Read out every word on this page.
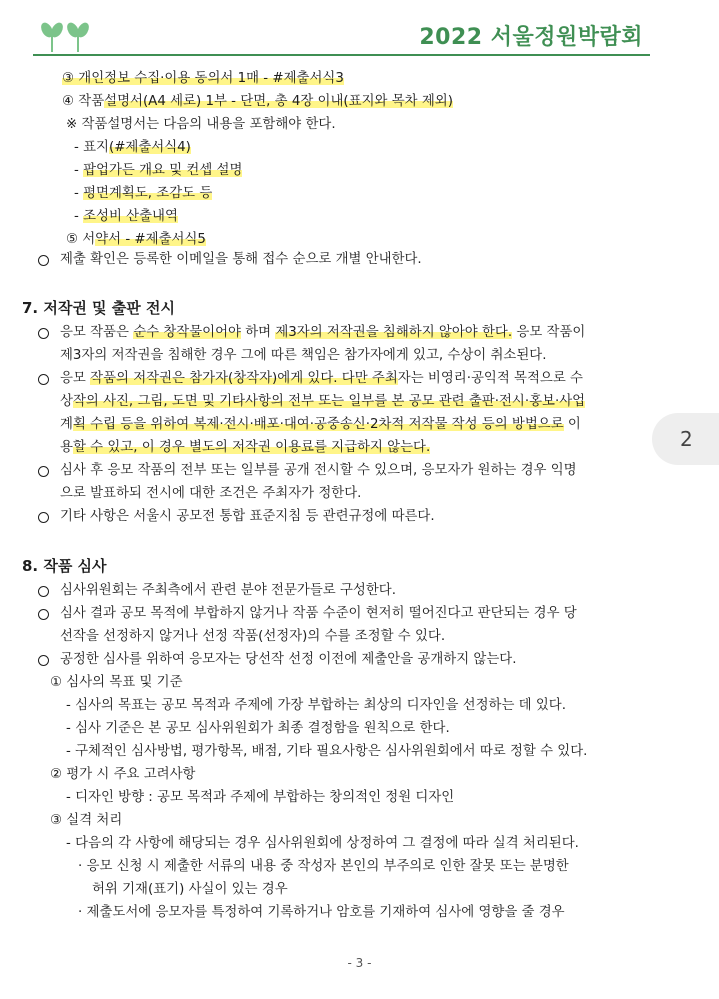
2022 서울정원박람회
③ 개인정보 수집·이용 동의서 1매 - #제출서식3
④ 작품설명서(A4 세로) 1부 - 단면, 총 4장 이내(표지와 목차 제외)
※ 작품설명서는 다음의 내용을 포함해야 한다.
- 표지(#제출서식4)
- 팝업가든 개요 및 컨셉 설명
- 평면계획도, 조감도 등
- 조성비 산출내역
⑤ 서약서 - #제출서식5
제출 확인은 등록한 이메일을 통해 접수 순으로 개별 안내한다.
7. 저작권 및 출판 전시
응모 작품은 순수 창작물이어야 하며 제3자의 저작권을 침해하지 않아야 한다. 응모 작품이
제3자의 저작권을 침해한 경우 그에 따른 책임은 참가자에게 있고, 수상이 취소된다.
응모 작품의 저작권은 참가자(창작자)에게 있다. 다만 주최자는 비영리·공익적 목적으로 수
상작의 사진, 그림, 도면 및 기타사항의 전부 또는 일부를 본 공모 관련 출판·전시·홍보·사업
계획 수립 등을 위하여 복제·전시·배포·대여·공중송신·2차적 저작물 작성 등의 방법으로 이
용할 수 있고, 이 경우 별도의 저작권 이용료를 지급하지 않는다.
심사 후 응모 작품의 전부 또는 일부를 공개 전시할 수 있으며, 응모자가 원하는 경우 익명
으로 발표하되 전시에 대한 조건은 주최자가 정한다.
기타 사항은 서울시 공모전 통합 표준지침 등 관련규정에 따른다.
8. 작품 심사
심사위원회는 주최측에서 관련 분야 전문가들로 구성한다.
심사 결과 공모 목적에 부합하지 않거나 작품 수준이 현저히 떨어진다고 판단되는 경우 당
선작을 선정하지 않거나 선정 작품(선정자)의 수를 조정할 수 있다.
공정한 심사를 위하여 응모자는 당선작 선정 이전에 제출안을 공개하지 않는다.
① 심사의 목표 및 기준
- 심사의 목표는 공모 목적과 주제에 가장 부합하는 최상의 디자인을 선정하는 데 있다.
- 심사 기준은 본 공모 심사위원회가 최종 결정함을 원칙으로 한다.
- 구체적인 심사방법, 평가항목, 배점, 기타 필요사항은 심사위원회에서 따로 정할 수 있다.
② 평가 시 주요 고려사항
- 디자인 방향 : 공모 목적과 주제에 부합하는 창의적인 정원 디자인
③ 실격 처리
- 다음의 각 사항에 해당되는 경우 심사위원회에 상정하여 그 결정에 따라 실격 처리된다.
· 응모 신청 시 제출한 서류의 내용 중 작성자 본인의 부주의로 인한 잘못 또는 분명한
허위 기재(표기) 사실이 있는 경우
· 제출도서에 응모자를 특정하여 기록하거나 암호를 기재하여 심사에 영향을 줄 경우
2
- 3 -
